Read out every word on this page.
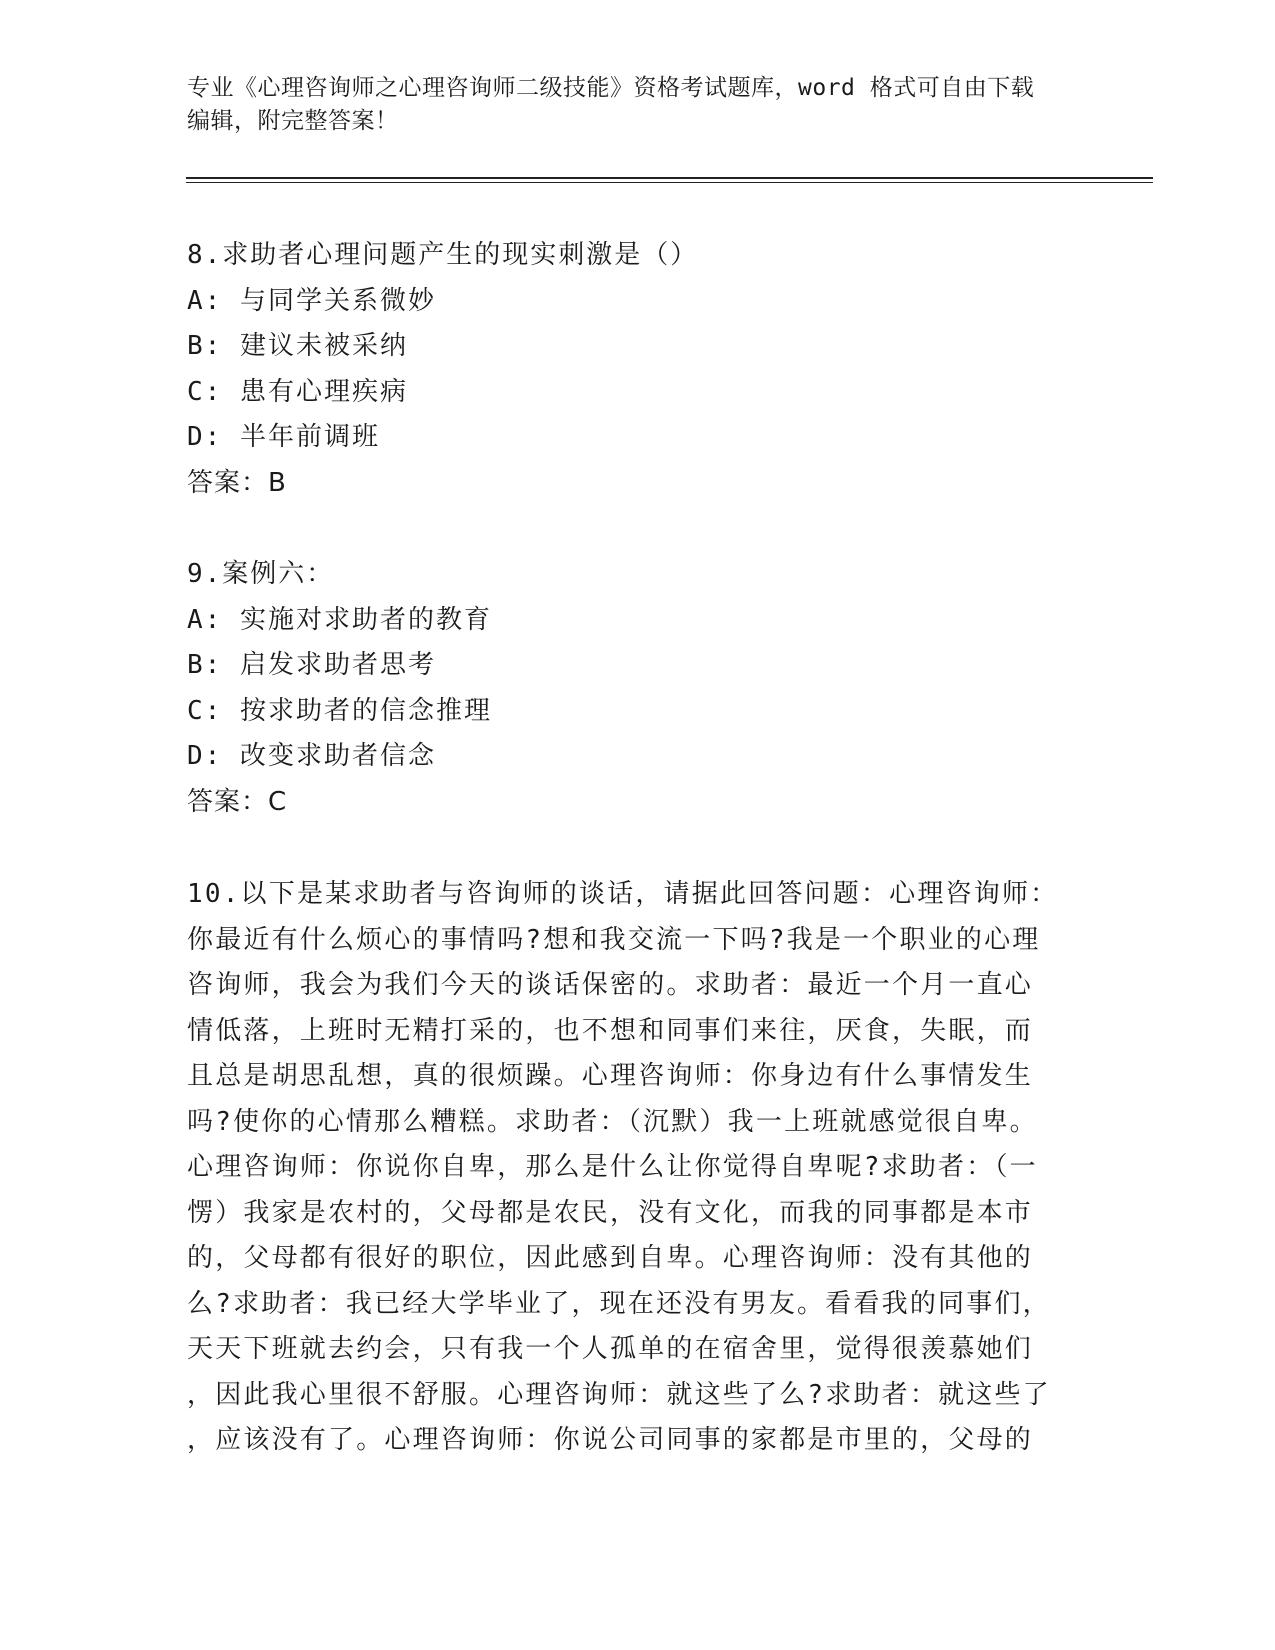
专业《心理咨询师之心理咨询师二级技能》资格考试题库，word 格式可自由下载

编辑，附完整答案！

8.求助者心理问题产生的现实刺激是（）

A: 与同学关系微妙

B: 建议未被采纳

C: 患有心理疾病

D: 半年前调班

答案：B

9.案例六：

A: 实施对求助者的教育

B: 启发求助者思考

C: 按求助者的信念推理

D: 改变求助者信念

答案：C

10.以下是某求助者与咨询师的谈话，请据此回答问题：心理咨询师：

你最近有什么烦心的事情吗?想和我交流一下吗?我是一个职业的心理

咨询师，我会为我们今天的谈话保密的。求助者：最近一个月一直心

情低落，上班时无精打采的，也不想和同事们来往，厌食，失眠，而

且总是胡思乱想，真的很烦躁。心理咨询师：你身边有什么事情发生

吗?使你的心情那么糟糕。求助者：（沉默）我一上班就感觉很自卑。

心理咨询师：你说你自卑，那么是什么让你觉得自卑呢?求助者：（一

愣）我家是农村的，父母都是农民，没有文化，而我的同事都是本市

的，父母都有很好的职位，因此感到自卑。心理咨询师：没有其他的

么?求助者：我已经大学毕业了，现在还没有男友。看看我的同事们，

天天下班就去约会，只有我一个人孤单的在宿舍里，觉得很羡慕她们

，因此我心里很不舒服。心理咨询师：就这些了么?求助者：就这些了

，应该没有了。心理咨询师：你说公司同事的家都是市里的，父母的
